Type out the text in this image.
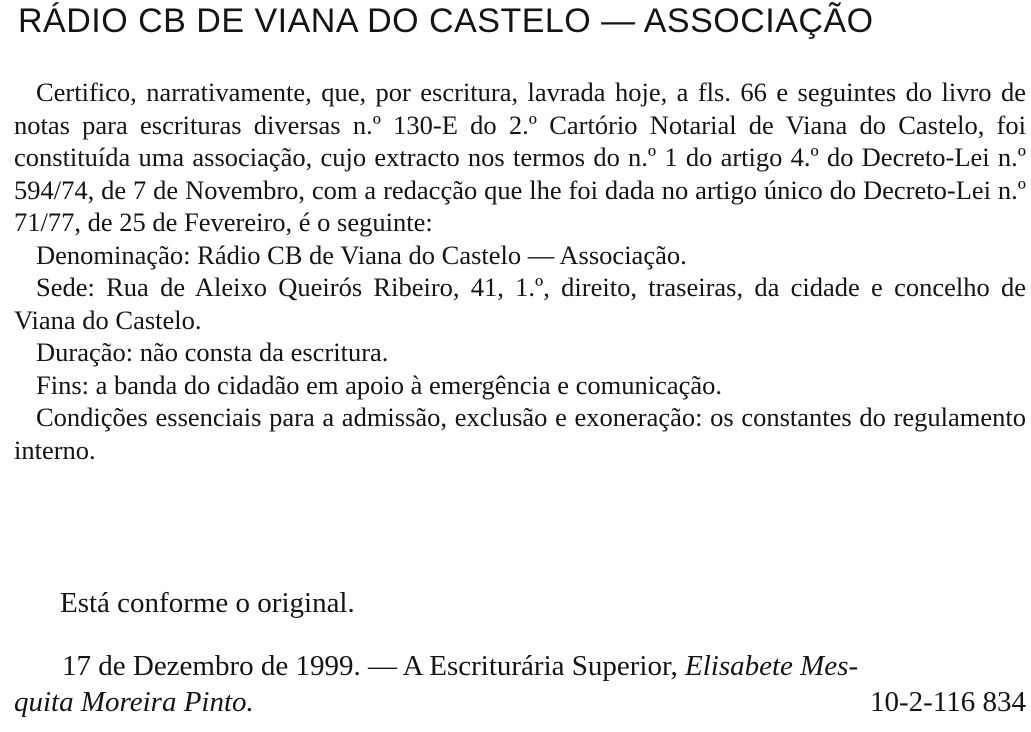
RÁDIO CB DE VIANA DO CASTELO — ASSOCIAÇÃO

Certifico, narrativamente, que, por escritura, lavrada hoje, a fls. 66 e seguintes do livro de notas para escrituras diversas n.º 130-E do 2.º Cartório Notarial de Viana do Castelo, foi constituída uma associação, cujo extracto nos termos do n.º 1 do artigo 4.º do Decreto-Lei n.º 594/74, de 7 de Novembro, com a redacção que lhe foi dada no artigo único do Decreto-Lei n.º 71/77, de 25 de Fevereiro, é o seguinte:

Denominação: Rádio CB de Viana do Castelo — Associação.

Sede: Rua de Aleixo Queirós Ribeiro, 41, 1.º, direito, traseiras, da cidade e concelho de Viana do Castelo.

Duração: não consta da escritura.

Fins: a banda do cidadão em apoio à emergência e comunicação.

Condições essenciais para a admissão, exclusão e exoneração: os constantes do regulamento interno.

Está conforme o original.
17 de Dezembro de 1999. — A Escriturária Superior, Elisabete Mes-
quita Moreira Pinto.	10-2-116 834
